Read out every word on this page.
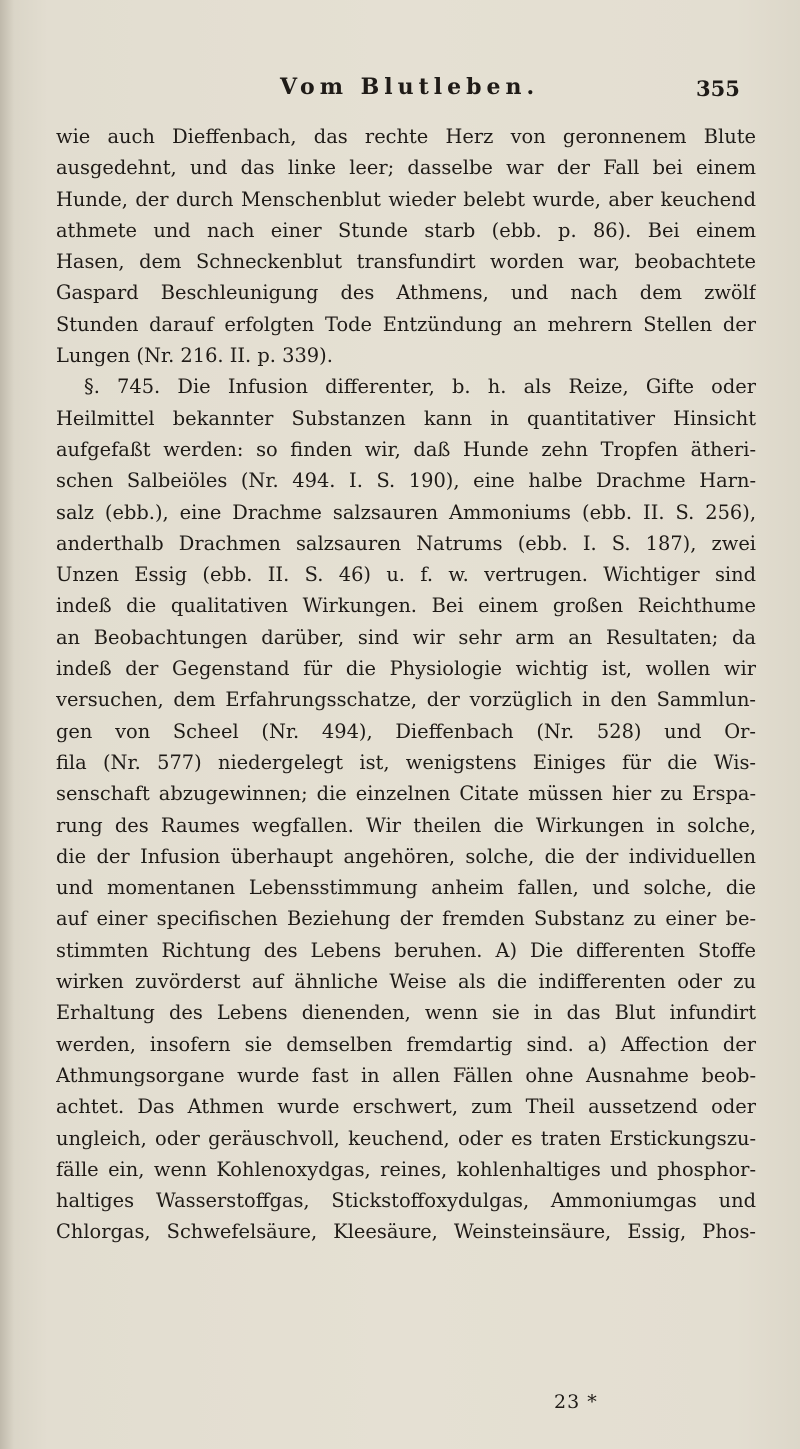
Vom Blutleben.	355
wie auch Dieffenbach, das rechte Herz von geronnenem Blute
ausgedehnt, und das linke leer; dasselbe war der Fall bei einem
Hunde, der durch Menschenblut wieder belebt wurde, aber keuchend
athmete und nach einer Stunde starb (ebb. p. 86). Bei einem
Hasen, dem Schneckenblut transfundirt worden war, beobachtete
Gaspard Beschleunigung des Athmens, und nach dem zwölf
Stunden darauf erfolgten Tode Entzündung an mehrern Stellen der
Lungen (Nr. 216. II. p. 339).
§. 745. Die Infusion differenter, b. h. als Reize, Gifte oder
Heilmittel bekannter Substanzen kann in quantitativer Hinsicht
aufgefaßt werden: so finden wir, daß Hunde zehn Tropfen ätheri-
schen Salbeiöles (Nr. 494. I. S. 190), eine halbe Drachme Harn-
salz (ebb.), eine Drachme salzsauren Ammoniums (ebb. II. S. 256),
anderthalb Drachmen salzsauren Natrums (ebb. I. S. 187), zwei
Unzen Essig (ebb. II. S. 46) u. f. w. vertrugen. Wichtiger sind
indeß die qualitativen Wirkungen. Bei einem großen Reichthume
an Beobachtungen darüber, sind wir sehr arm an Resultaten; da
indeß der Gegenstand für die Physiologie wichtig ist, wollen wir
versuchen, dem Erfahrungsschatze, der vorzüglich in den Sammlun-
gen von Scheel (Nr. 494), Dieffenbach (Nr. 528) und Or-
fila (Nr. 577) niedergelegt ist, wenigstens Einiges für die Wis-
senschaft abzugewinnen; die einzelnen Citate müssen hier zu Erspa-
rung des Raumes wegfallen. Wir theilen die Wirkungen in solche,
die der Infusion überhaupt angehören, solche, die der individuellen
und momentanen Lebensstimmung anheim fallen, und solche, die
auf einer specifischen Beziehung der fremden Substanz zu einer be-
stimmten Richtung des Lebens beruhen. A) Die differenten Stoffe
wirken zuvörderst auf ähnliche Weise als die indifferenten oder zu
Erhaltung des Lebens dienenden, wenn sie in das Blut infundirt
werden, insofern sie demselben fremdartig sind. a) Affection der
Athmungsorgane wurde fast in allen Fällen ohne Ausnahme beob-
achtet. Das Athmen wurde erschwert, zum Theil aussetzend oder
ungleich, oder geräuschvoll, keuchend, oder es traten Erstickungszu-
fälle ein, wenn Kohlenoxydgas, reines, kohlenhaltiges und phosphor-
haltiges Wasserstoffgas, Stickstoffoxydulgas, Ammoniumgas und
Chlorgas, Schwefelsäure, Kleesäure, Weinsteinsäure, Essig, Phos-
23 *
